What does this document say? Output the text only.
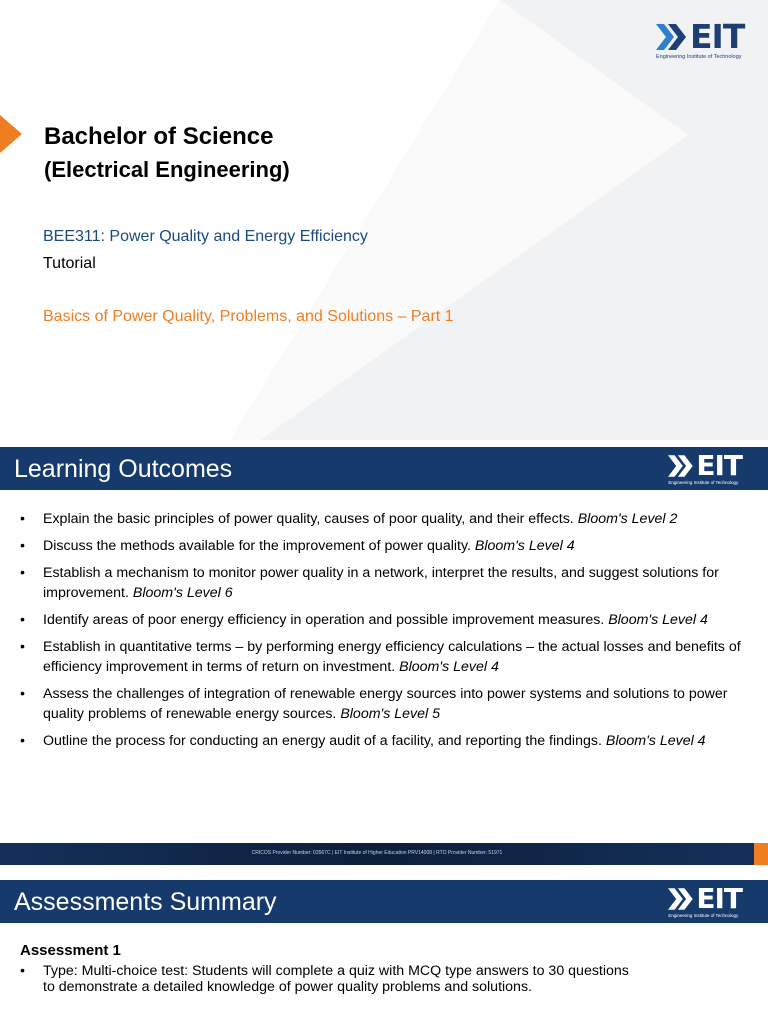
EIT
Engineering Institute of Technology
Bachelor of Science
(Electrical Engineering)
BEE311: Power Quality and Energy Efficiency
Tutorial
Basics of Power Quality, Problems, and Solutions – Part 1
Learning Outcomes	EIT
Engineering Institute of Technology
• Explain the basic principles of power quality, causes of poor quality, and their effects. Bloom's Level 2
• Discuss the methods available for the improvement of power quality. Bloom's Level 4
• Establish a mechanism to monitor power quality in a network, interpret the results, and suggest solutions for improvement. Bloom's Level 6
• Identify areas of poor energy efficiency in operation and possible improvement measures. Bloom's Level 4
• Establish in quantitative terms – by performing energy efficiency calculations – the actual losses and benefits of efficiency improvement in terms of return on investment. Bloom's Level 4
• Assess the challenges of integration of renewable energy sources into power systems and solutions to power quality problems of renewable energy sources. Bloom's Level 5
• Outline the process for conducting an energy audit of a facility, and reporting the findings. Bloom's Level 4
CRICOS Provider Number: 03567C | EIT Institute of Higher Education PRV14008 | RTO Provider Number: 51971
Assessments Summary	EIT
Engineering Institute of Technology
Assessment 1
• Type: Multi-choice test: Students will complete a quiz with MCQ type answers to 30 questions to demonstrate a detailed knowledge of power quality problems and solutions.
